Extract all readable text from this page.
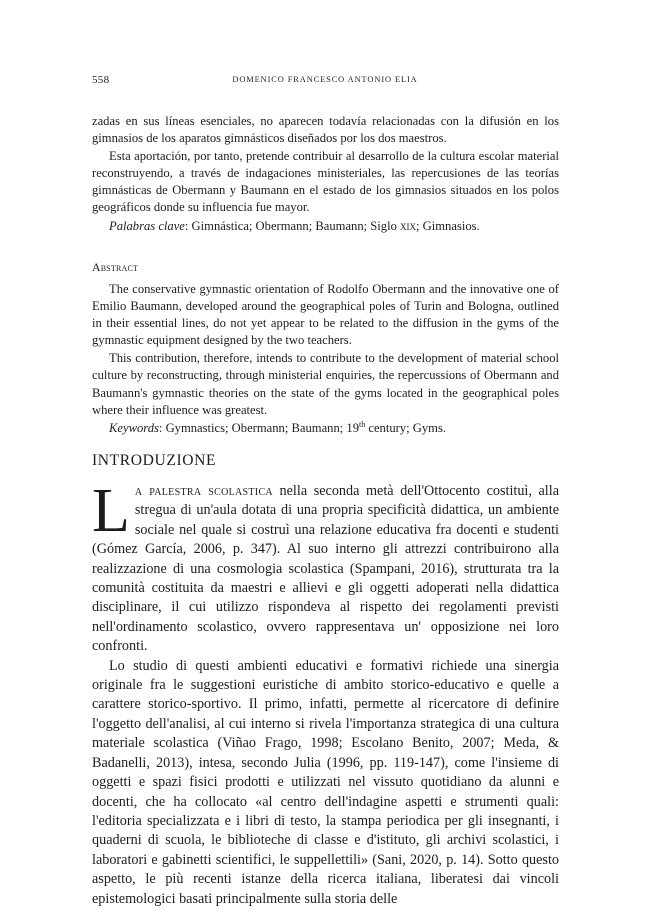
558	DOMENICO FRANCESCO ANTONIO ELIA

zadas en sus líneas esenciales, no aparecen todavía relacionadas con la difusión en los gimnasios de los aparatos gimnásticos diseñados por los dos maestros.

Esta aportación, por tanto, pretende contribuir al desarrollo de la cultura escolar material reconstruyendo, a través de indagaciones ministeriales, las repercusiones de las teorías gimnásticas de Obermann y Baumann en el estado de los gimnasios situados en los polos geográficos donde su influencia fue mayor.

Palabras clave: Gimnástica; Obermann; Baumann; Siglo xix; Gimnasios.

Abstract

The conservative gymnastic orientation of Rodolfo Obermann and the innovative one of Emilio Baumann, developed around the geographical poles of Turin and Bologna, outlined in their essential lines, do not yet appear to be related to the diffusion in the gyms of the gymnastic equipment designed by the two teachers.

This contribution, therefore, intends to contribute to the development of material school culture by reconstructing, through ministerial enquiries, the repercussions of Obermann and Baumann's gymnastic theories on the state of the gyms located in the geographical poles where their influence was greatest.

Keywords: Gymnastics; Obermann; Baumann; 19th century; Gyms.

INTRODUZIONE

La palestra scolastica nella seconda metà dell'Ottocento costituì, alla stregua di un'aula dotata di una propria specificità didattica, un ambiente sociale nel quale si costruì una relazione educativa fra docenti e studenti (Gómez García, 2006, p. 347). Al suo interno gli attrezzi contribuirono alla realizzazione di una cosmologia scolastica (Spampani, 2016), strutturata tra la comunità costituita da maestri e allievi e gli oggetti adoperati nella didattica disciplinare, il cui utilizzo rispondeva al rispetto dei regolamenti previsti nell'ordinamento scolastico, ovvero rappresentava un' opposizione nei loro confronti.

Lo studio di questi ambienti educativi e formativi richiede una sinergia originale fra le suggestioni euristiche di ambito storico-educativo e quelle a carattere storico-sportivo. Il primo, infatti, permette al ricercatore di definire l'oggetto dell'analisi, al cui interno si rivela l'importanza strategica di una cultura materiale scolastica (Viñao Frago, 1998; Escolano Benito, 2007; Meda, & Badanelli, 2013), intesa, secondo Julia (1996, pp. 119-147), come l'insieme di oggetti e spazi fisici prodotti e utilizzati nel vissuto quotidiano da alunni e docenti, che ha collocato «al centro dell'indagine aspetti e strumenti quali: l'editoria specializzata e i libri di testo, la stampa periodica per gli insegnanti, i quaderni di scuola, le biblioteche di classe e d'istituto, gli archivi scolastici, i laboratori e gabinetti scientifici, le suppellettili» (Sani, 2020, p. 14). Sotto questo aspetto, le più recenti istanze della ricerca italiana, liberatesi dai vincoli epistemologici basati principalmente sulla storia delle
